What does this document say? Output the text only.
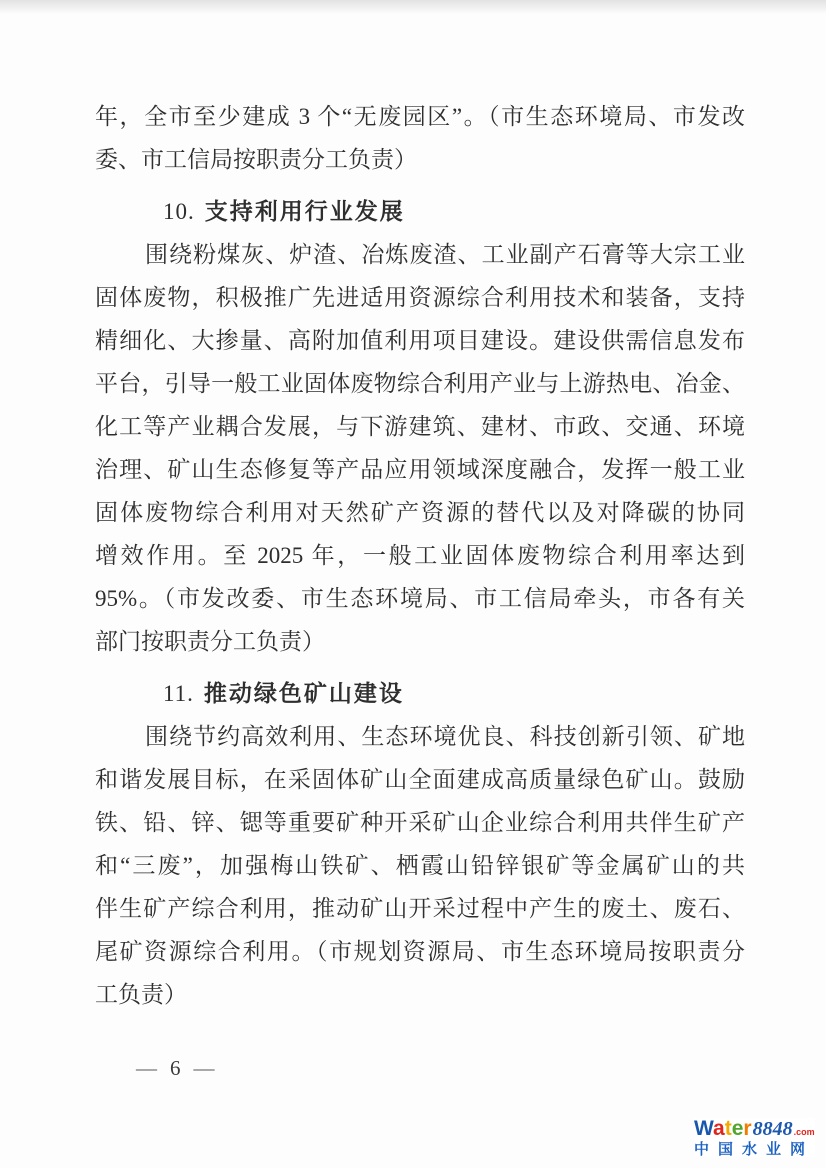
年，全市至少建成 3 个“无废园区”。（市生态环境局、市发改
委、市工信局按职责分工负责）
10. 支持利用行业发展
围绕粉煤灰、炉渣、冶炼废渣、工业副产石膏等大宗工业
固体废物，积极推广先进适用资源综合利用技术和装备，支持
精细化、大掺量、高附加值利用项目建设。建设供需信息发布
平台，引导一般工业固体废物综合利用产业与上游热电、冶金、
化工等产业耦合发展，与下游建筑、建材、市政、交通、环境
治理、矿山生态修复等产品应用领域深度融合，发挥一般工业
固体废物综合利用对天然矿产资源的替代以及对降碳的协同
增效作用。至 2025 年，一般工业固体废物综合利用率达到
95%。（市发改委、市生态环境局、市工信局牵头，市各有关
部门按职责分工负责）
11. 推动绿色矿山建设
围绕节约高效利用、生态环境优良、科技创新引领、矿地
和谐发展目标，在采固体矿山全面建成高质量绿色矿山。鼓励
铁、铅、锌、锶等重要矿种开采矿山企业综合利用共伴生矿产
和“三废”，加强梅山铁矿、栖霞山铅锌银矿等金属矿山的共
伴生矿产综合利用，推动矿山开采过程中产生的废土、废石、
尾矿资源综合利用。（市规划资源局、市生态环境局按职责分
工负责）
— 6 —
Water 8848 .com
中国水业网
